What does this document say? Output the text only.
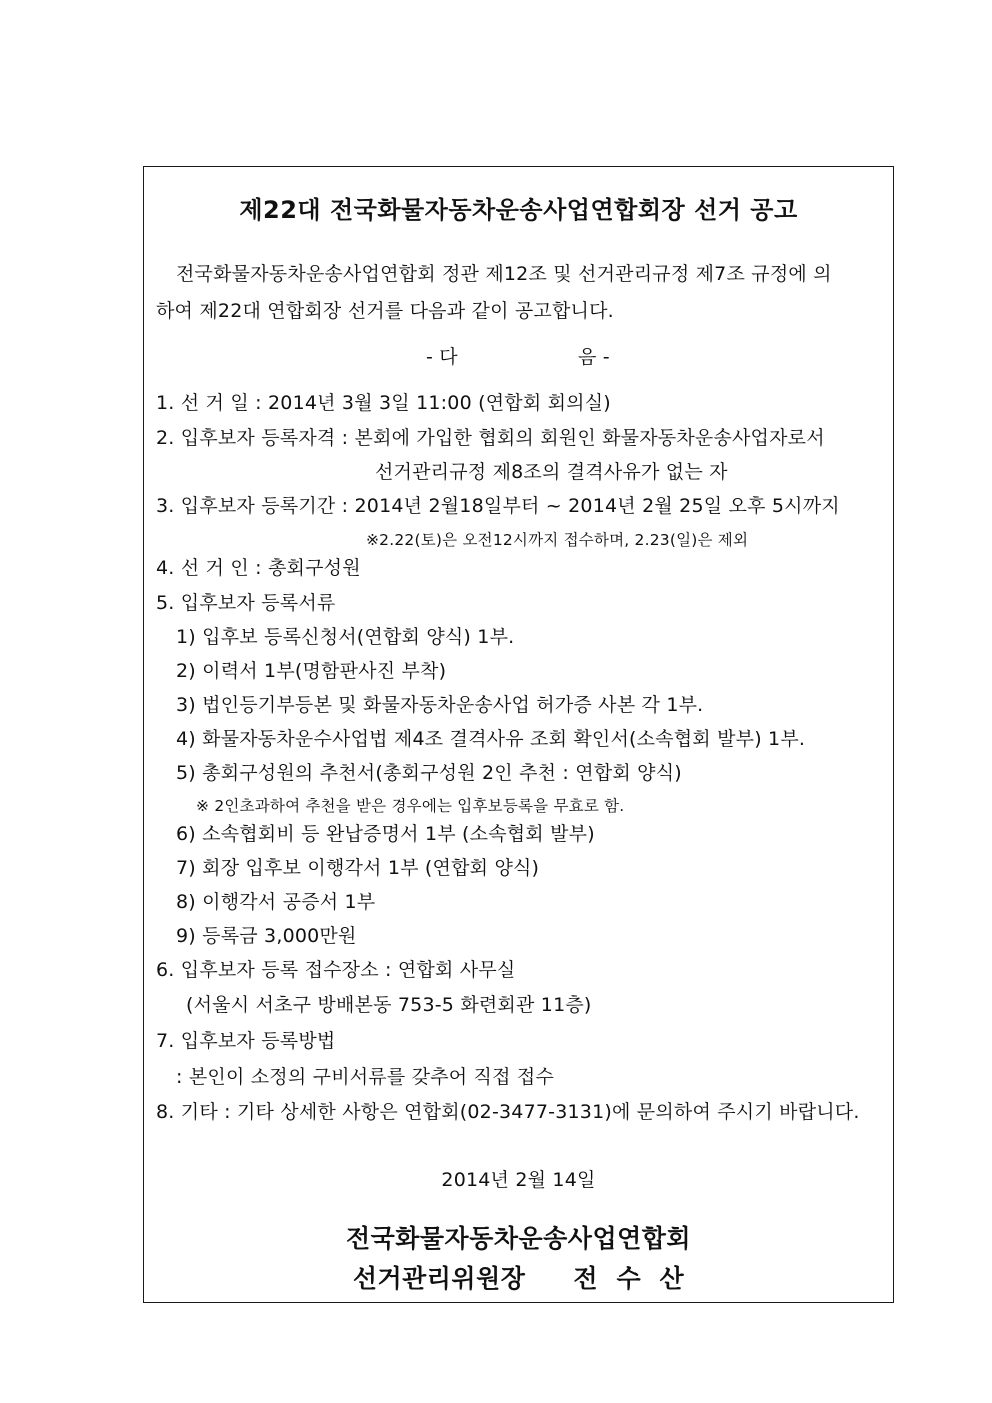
제22대 전국화물자동차운송사업연합회장 선거 공고
전국화물자동차운송사업연합회 정관 제12조 및 선거관리규정 제7조 규정에 의
하여 제22대 연합회장 선거를 다음과 같이 공고합니다.
- 다	음 -
1. 선 거 일 : 2014년 3월 3일 11:00 (연합회 회의실)
2. 입후보자 등록자격 : 본회에 가입한 협회의 회원인 화물자동차운송사업자로서
선거관리규정 제8조의 결격사유가 없는 자
3. 입후보자 등록기간 : 2014년 2월18일부터 ~ 2014년 2월 25일 오후 5시까지
※2.22(토)은 오전12시까지 접수하며, 2.23(일)은 제외
4. 선 거 인 : 총회구성원
5. 입후보자 등록서류
1) 입후보 등록신청서(연합회 양식) 1부.
2) 이력서 1부(명함판사진 부착)
3) 법인등기부등본 및 화물자동차운송사업 허가증 사본 각 1부.
4) 화물자동차운수사업법 제4조 결격사유 조회 확인서(소속협회 발부) 1부.
5) 총회구성원의 추천서(총회구성원 2인 추천 : 연합회 양식)
※ 2인초과하여 추천을 받은 경우에는 입후보등록을 무효로 함.
6) 소속협회비 등 완납증명서 1부 (소속협회 발부)
7) 회장 입후보 이행각서 1부 (연합회 양식)
8) 이행각서 공증서 1부
9) 등록금 3,000만원
6. 입후보자 등록 접수장소 : 연합회 사무실
(서울시 서초구 방배본동 753-5 화련회관 11층)
7. 입후보자 등록방법
: 본인이 소정의 구비서류를 갖추어 직접 접수
8. 기타 : 기타 상세한 사항은 연합회(02-3477-3131)에 문의하여 주시기 바랍니다.
2014년 2월 14일
전국화물자동차운송사업연합회
선거관리위원장 전  수  산
